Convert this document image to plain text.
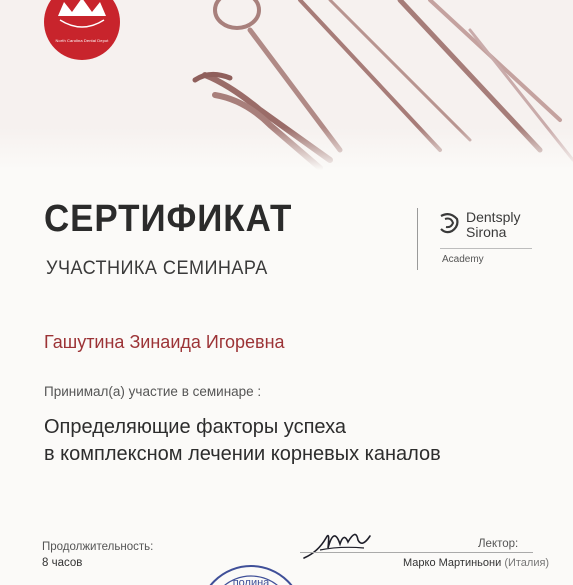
North Carolina Dental Depot
СЕРТИФИКАТ
УЧАСТНИКА СЕМИНАРА
Dentsply
Sirona
Academy
Гашутина Зинаида Игоревна
Принимал(а) участие в семинаре :
Определяющие факторы успеха
в комплексном лечении корневых каналов
Продолжительность:
8 часов
Лектор:
Марко Мартиньони (Италия)
полина
